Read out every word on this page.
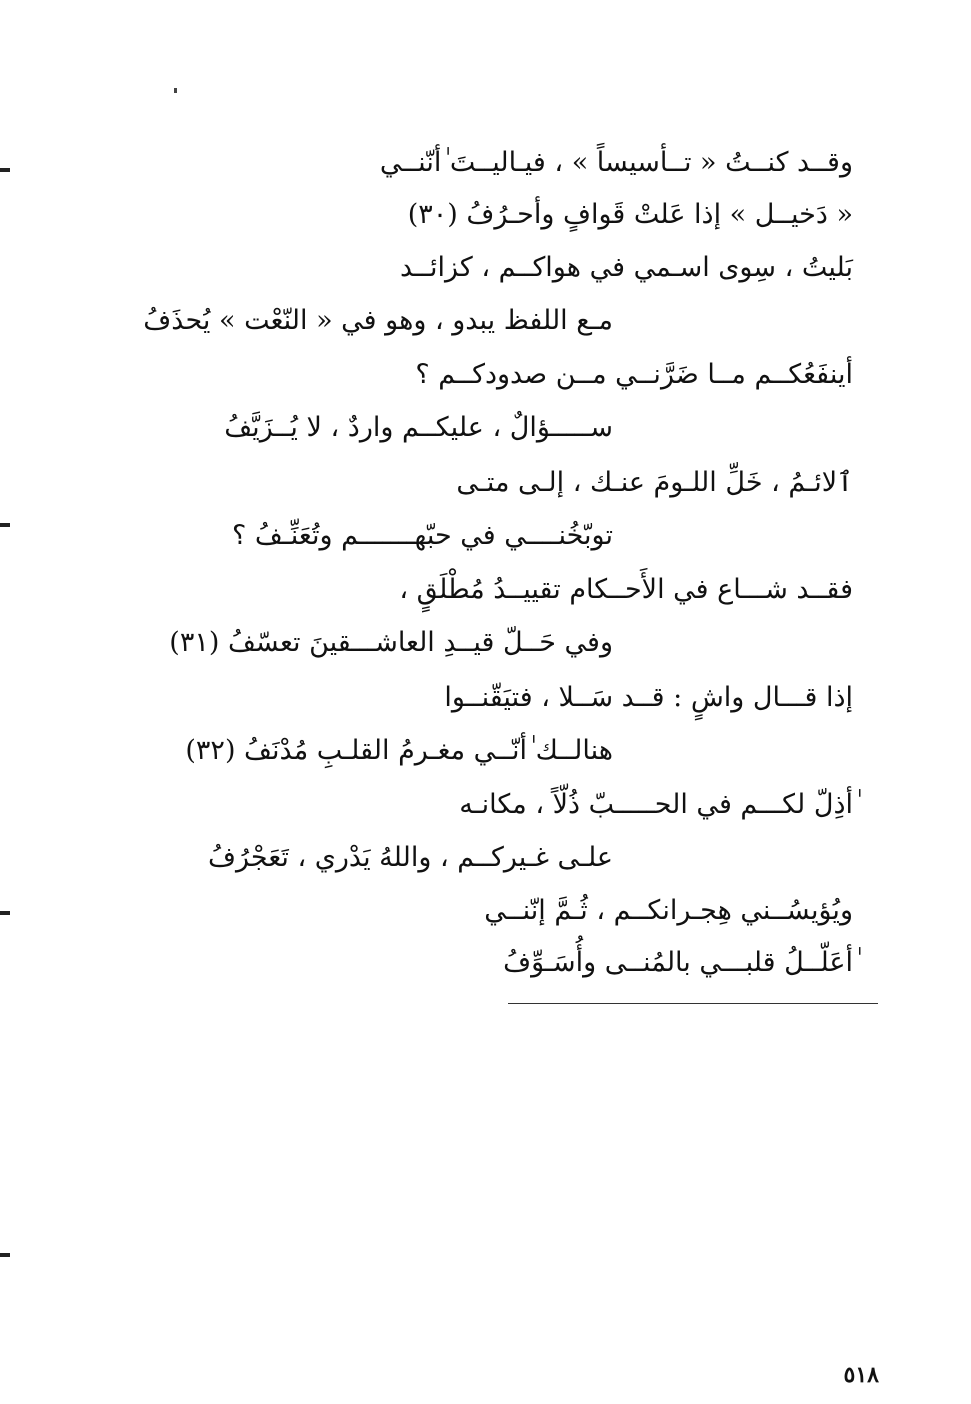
وقــد كنــتُ « تــأسيساً » ، فيـاليــتَ ٰأنّنــي
« دَخيــل » إذا عَلتْ قَوافٍ وأحـرُفُ (٣٠)
بَليتُ ، سِوى اسـمي في هواكــم ، كزائــد
مـع اللفظ يبدو ، وهو في « النّعْت » يُحذَفُ
أينفَعُكــم مــا ضَرَّنــي مــن صدودكــم ؟
ســـــؤالٌ ، عليكــم واردٌ ، لا يُــزَيَّفُ
ٱلائـمُ ، خَلِّ اللـومَ عنـك ، إلـى متـى
توبّخُنــــي في حبّهـــــــم وتُعَنِّـفُ ؟
فقــد شـــاع في الأَحــكام تقييــدُ مُطْلَقٍ ،
وفي حَــلّ قيــدِ العاشـــقينَ تعسّفُ (٣١)
إذا قـــال واشٍ : قــد سَــلا ، فتيَقّنــوا
هنالــك ٰأنّــي مغـرمُ القلـبِ مُدْنَفُ (٣٢)
ٰأذِلّ لكـــم في الحـــــبّ ذُلّاً ، مكانـه
علـى غـيركــم ، واللهُ يَدْري ، تَعَجْرُفُ
ويُؤيسُــني هِجـرانكــم ، ثُـمَّ إنّنــي
ٰأعَلّــلُ قلبـــي بالمُنــى وأُسَـوِّفُ
٥١٨
